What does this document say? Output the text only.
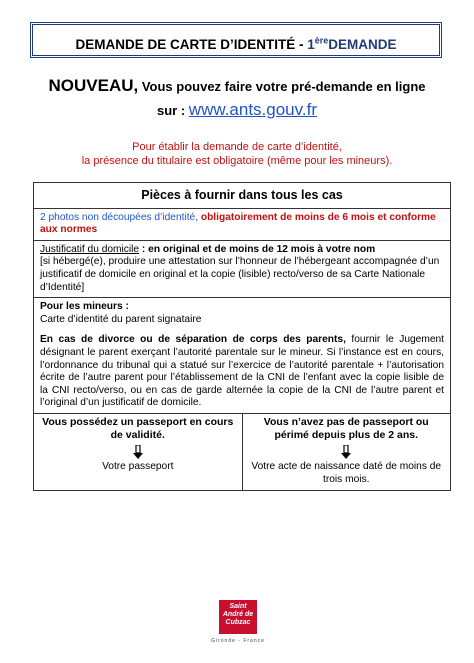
DEMANDE DE CARTE D’IDENTITÉ - 1èreDEMANDE
NOUVEAU, Vous pouvez faire votre pré-demande en ligne
sur : www.ants.gouv.fr
Pour établir la demande de carte d’identité,
la présence du titulaire est obligatoire (même pour les mineurs).
Pièces à fournir dans tous les cas
2 photos non découpées d’identité, obligatoirement de moins de 6 mois et conforme aux normes
Justificatif du domicile : en original et de moins de 12 mois à votre nom
[si hébergé(e), produire une attestation sur l’honneur de l’hébergeant accompagnée d’un justificatif de domicile en original et la copie (lisible) recto/verso de sa Carte Nationale d’Identité]
Pour les mineurs :
Carte d’identité du parent signataire
En cas de divorce ou de séparation de corps des parents, fournir le Jugement désignant le parent exerçant l’autorité parentale sur le mineur. Si l’instance est en cours, l’ordonnance du tribunal qui a statué sur l’exercice de l’autorité parentale + l’autorisation écrite de l’autre parent pour l’établissement de la CNI de l’enfant avec la copie lisible de la CNI recto/verso, ou en cas de garde alternée la copie de la CNI de l’autre parent et l’original d’un justificatif de domicile.
Vous possédez un passeport en cours de validité.
Votre passeport
Vous n’avez pas de passeport ou périmé depuis plus de 2 ans.
Votre acte de naissance daté de moins de trois mois.
Saint André de Cubzac
Gironde - France
